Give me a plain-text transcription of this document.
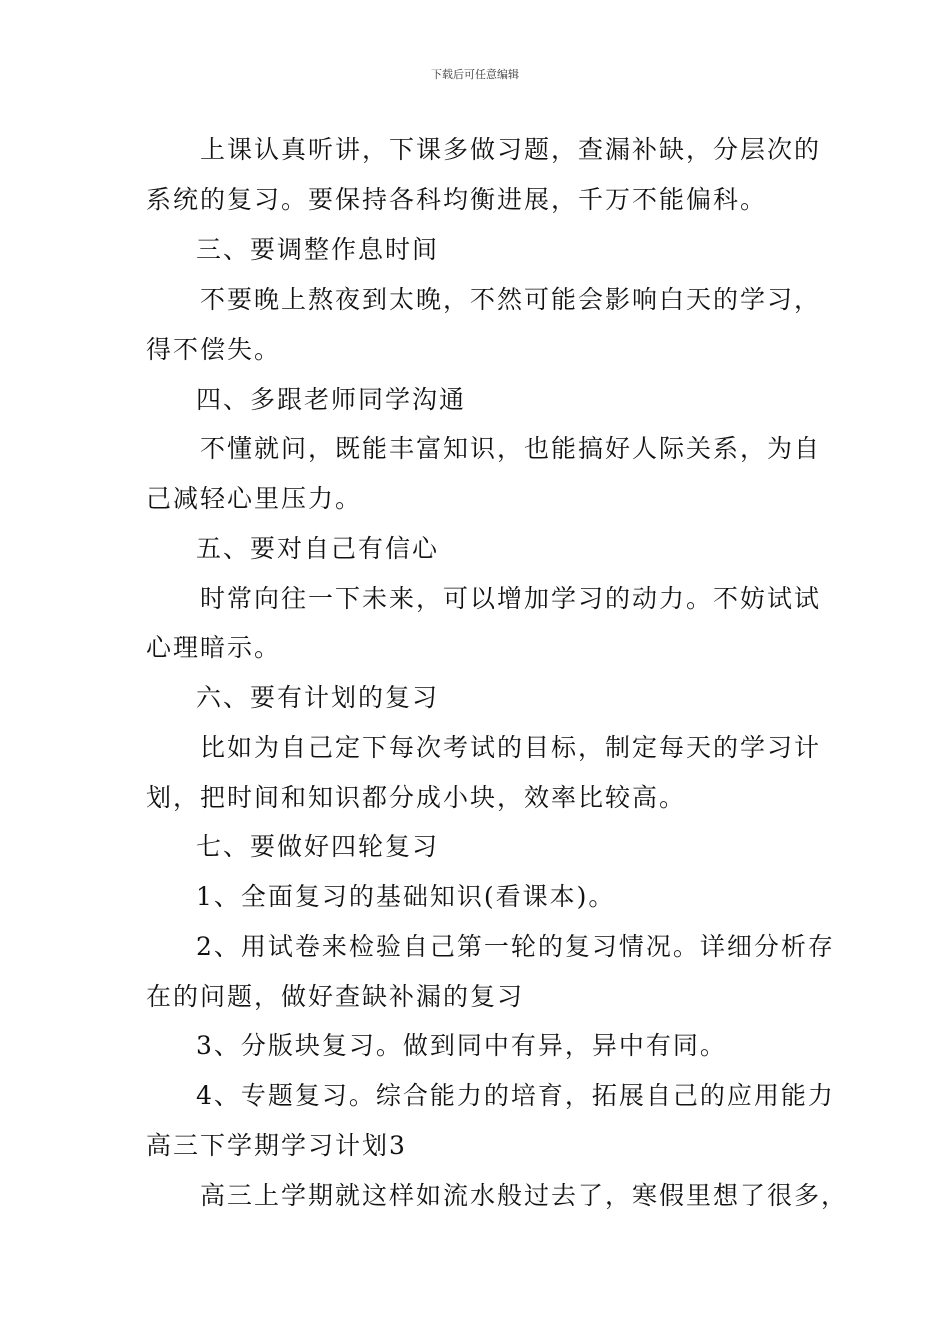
下载后可任意编辑
上课认真听讲，下课多做习题，查漏补缺，分层次的
系统的复习。要保持各科均衡进展，千万不能偏科。
三、要调整作息时间
不要晚上熬夜到太晚，不然可能会影响白天的学习，
得不偿失。
四、多跟老师同学沟通
不懂就问，既能丰富知识，也能搞好人际关系，为自
己减轻心里压力。
五、要对自己有信心
时常向往一下未来，可以增加学习的动力。不妨试试
心理暗示。
六、要有计划的复习
比如为自己定下每次考试的目标，制定每天的学习计
划，把时间和知识都分成小块，效率比较高。
七、要做好四轮复习
1、全面复习的基础知识(看课本)。
2、用试卷来检验自己第一轮的复习情况。详细分析存
在的问题，做好查缺补漏的复习
3、分版块复习。做到同中有异，异中有同。
4、专题复习。综合能力的培育，拓展自己的应用能力
高三下学期学习计划3
高三上学期就这样如流水般过去了，寒假里想了很多，
